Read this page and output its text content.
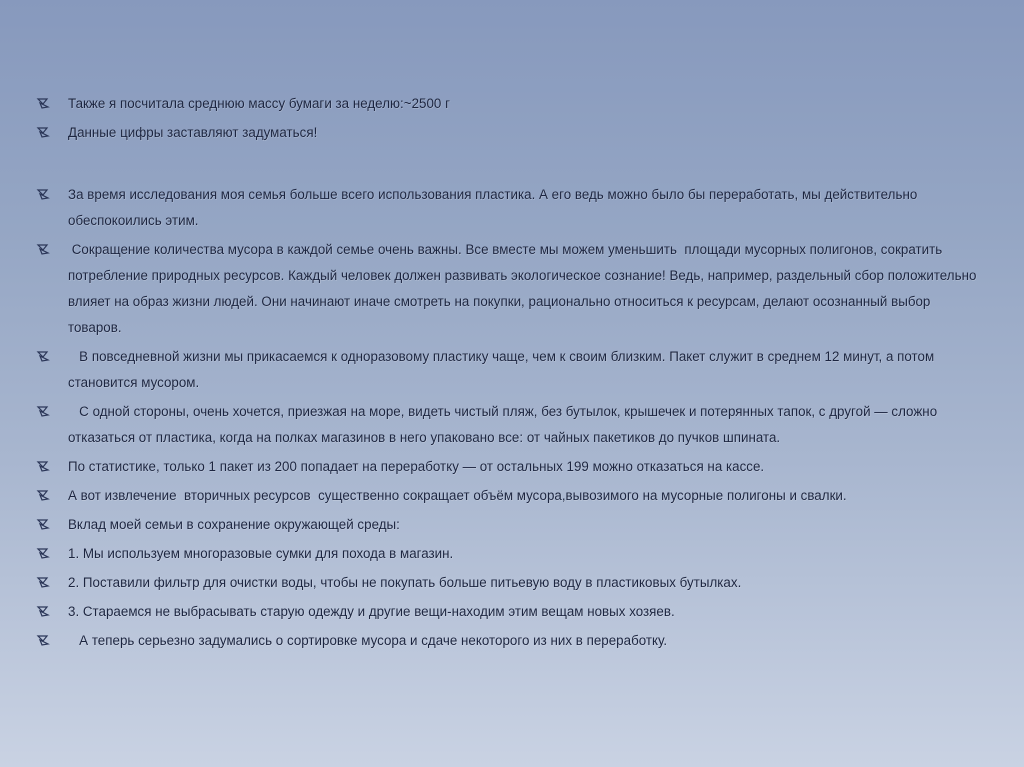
Также я посчитала среднюю массу бумаги за неделю:~2500 г
Данные цифры заставляют задуматься!
За время исследования моя семья больше всего использования пластика. А его ведь можно было бы переработать, мы действительно обеспокоились этим.
Сокращение количества мусора в каждой семье очень важны. Все вместе мы можем уменьшить  площади мусорных полигонов, сократить  потребление природных ресурсов. Каждый человек должен развивать экологическое сознание! Ведь, например, раздельный сбор положительно влияет на образ жизни людей. Они начинают иначе смотреть на покупки, рационально относиться к ресурсам, делают осознанный выбор товаров.
В повседневной жизни мы прикасаемся к одноразовому пластику чаще, чем к своим близким. Пакет служит в среднем 12 минут, а потом становится мусором.
С одной стороны, очень хочется, приезжая на море, видеть чистый пляж, без бутылок, крышечек и потерянных тапок, с другой — сложно отказаться от пластика, когда на полках магазинов в него упаковано все: от чайных пакетиков до пучков шпината.
По статистике, только 1 пакет из 200 попадает на переработку — от остальных 199 можно отказаться на кассе.
А вот извлечение  вторичных ресурсов  существенно сокращает объём мусора,вывозимого на мусорные полигоны и свалки.
Вклад моей семьи в сохранение окружающей среды:
1. Мы используем многоразовые сумки для похода в магазин.
2. Поставили фильтр для очистки воды, чтобы не покупать больше питьевую воду в пластиковых бутылках.
3. Стараемся не выбрасывать старую одежду и другие вещи-находим этим вещам новых хозяев.
А теперь серьезно задумались о сортировке мусора и сдаче некоторого из них в переработку.
